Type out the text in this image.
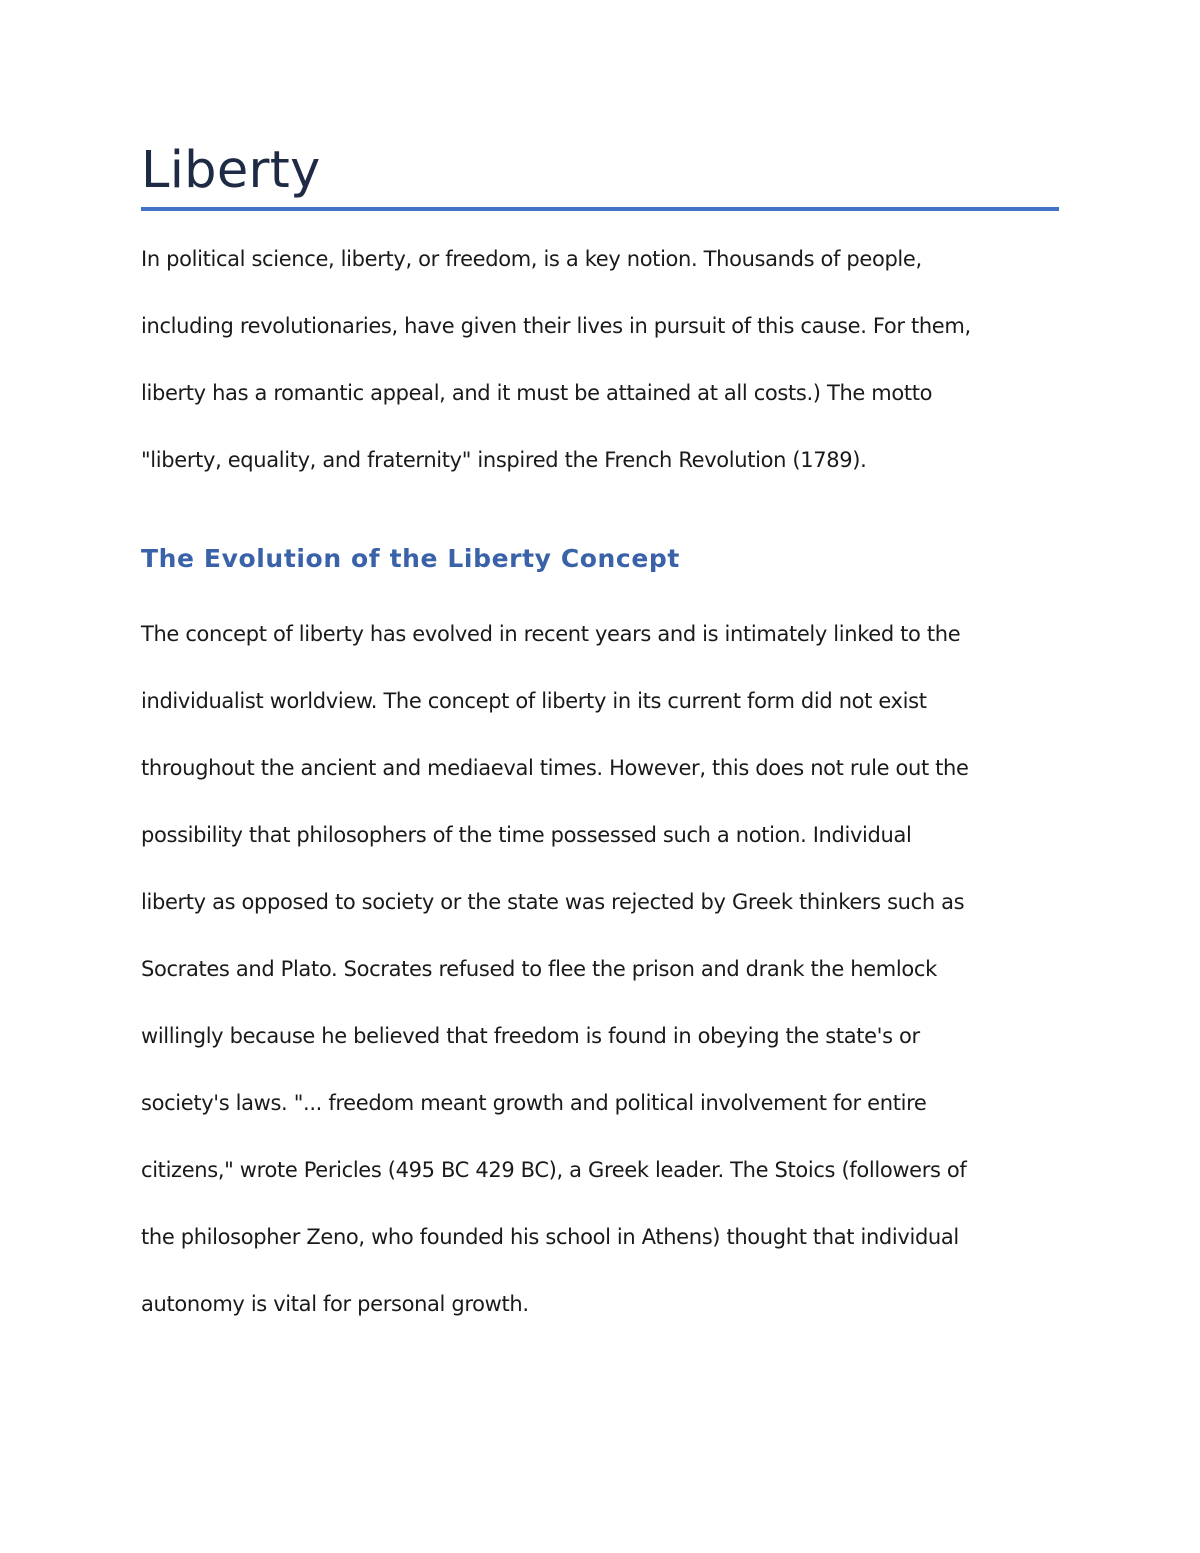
Liberty

In political science, liberty, or freedom, is a key notion. Thousands of people,
including revolutionaries, have given their lives in pursuit of this cause. For them,
liberty has a romantic appeal, and it must be attained at all costs.) The motto
"liberty, equality, and fraternity" inspired the French Revolution (1789).

The Evolution of the Liberty Concept

The concept of liberty has evolved in recent years and is intimately linked to the
individualist worldview. The concept of liberty in its current form did not exist
throughout the ancient and mediaeval times. However, this does not rule out the
possibility that philosophers of the time possessed such a notion. Individual
liberty as opposed to society or the state was rejected by Greek thinkers such as
Socrates and Plato. Socrates refused to flee the prison and drank the hemlock
willingly because he believed that freedom is found in obeying the state's or
society's laws. "... freedom meant growth and political involvement for entire
citizens," wrote Pericles (495 BC 429 BC), a Greek leader. The Stoics (followers of
the philosopher Zeno, who founded his school in Athens) thought that individual
autonomy is vital for personal growth.
